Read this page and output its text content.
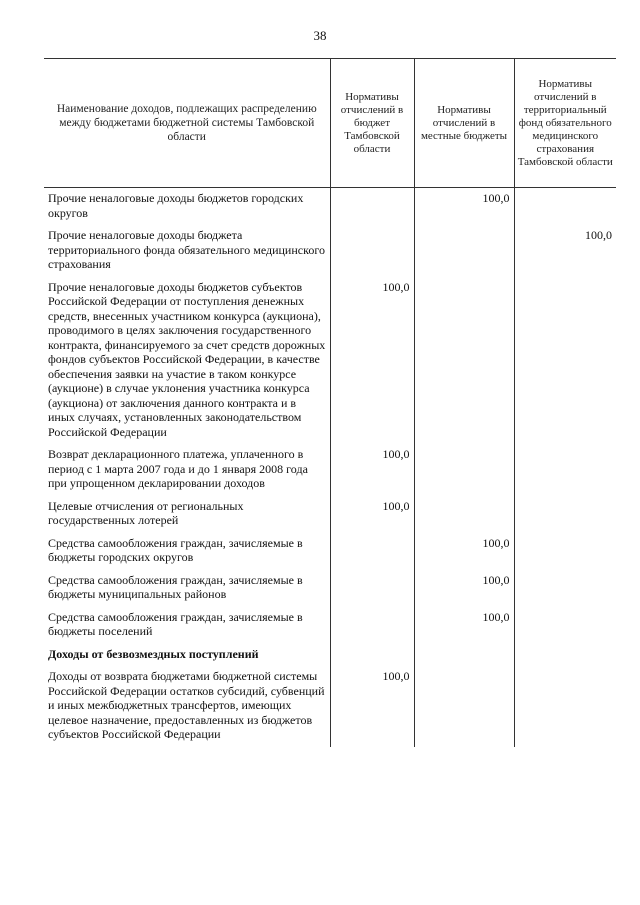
38
Наименование доходов, подлежащих распределению между бюджетами бюджетной системы Тамбовской области	Нормативы отчислений в бюджет Тамбовской области	Нормативы отчислений в местные бюджеты	Нормативы отчислений в территориальный фонд обязательного медицинского страхования Тамбовской области
Прочие неналоговые доходы бюджетов городских округов		100,0	
Прочие неналоговые доходы бюджета территориального фонда обязательного медицинского страхования			100,0
Прочие неналоговые доходы бюджетов субъектов Российской Федерации от поступления денежных средств, внесенных участником конкурса (аукциона), проводимого в целях заключения государственного контракта, финансируемого за счет средств дорожных фондов субъектов Российской Федерации, в качестве обеспечения заявки на участие в таком конкурсе (аукционе) в случае уклонения участника конкурса (аукциона) от заключения данного контракта и в иных случаях, установленных законодательством Российской Федерации	100,0		
Возврат декларационного платежа, уплаченного в период с 1 марта 2007 года и до 1 января 2008 года при упрощенном декларировании доходов	100,0		
Целевые отчисления от региональных государственных лотерей	100,0		
Средства самообложения граждан, зачисляемые в бюджеты городских округов		100,0	
Средства самообложения граждан, зачисляемые в бюджеты муниципальных районов		100,0	
Средства самообложения граждан, зачисляемые в бюджеты поселений		100,0	
Доходы от безвозмездных поступлений			
Доходы от возврата бюджетами бюджетной системы Российской Федерации остатков субсидий, субвенций и иных межбюджетных трансфертов, имеющих целевое назначение, предоставленных из бюджетов субъектов Российской Федерации	100,0		
